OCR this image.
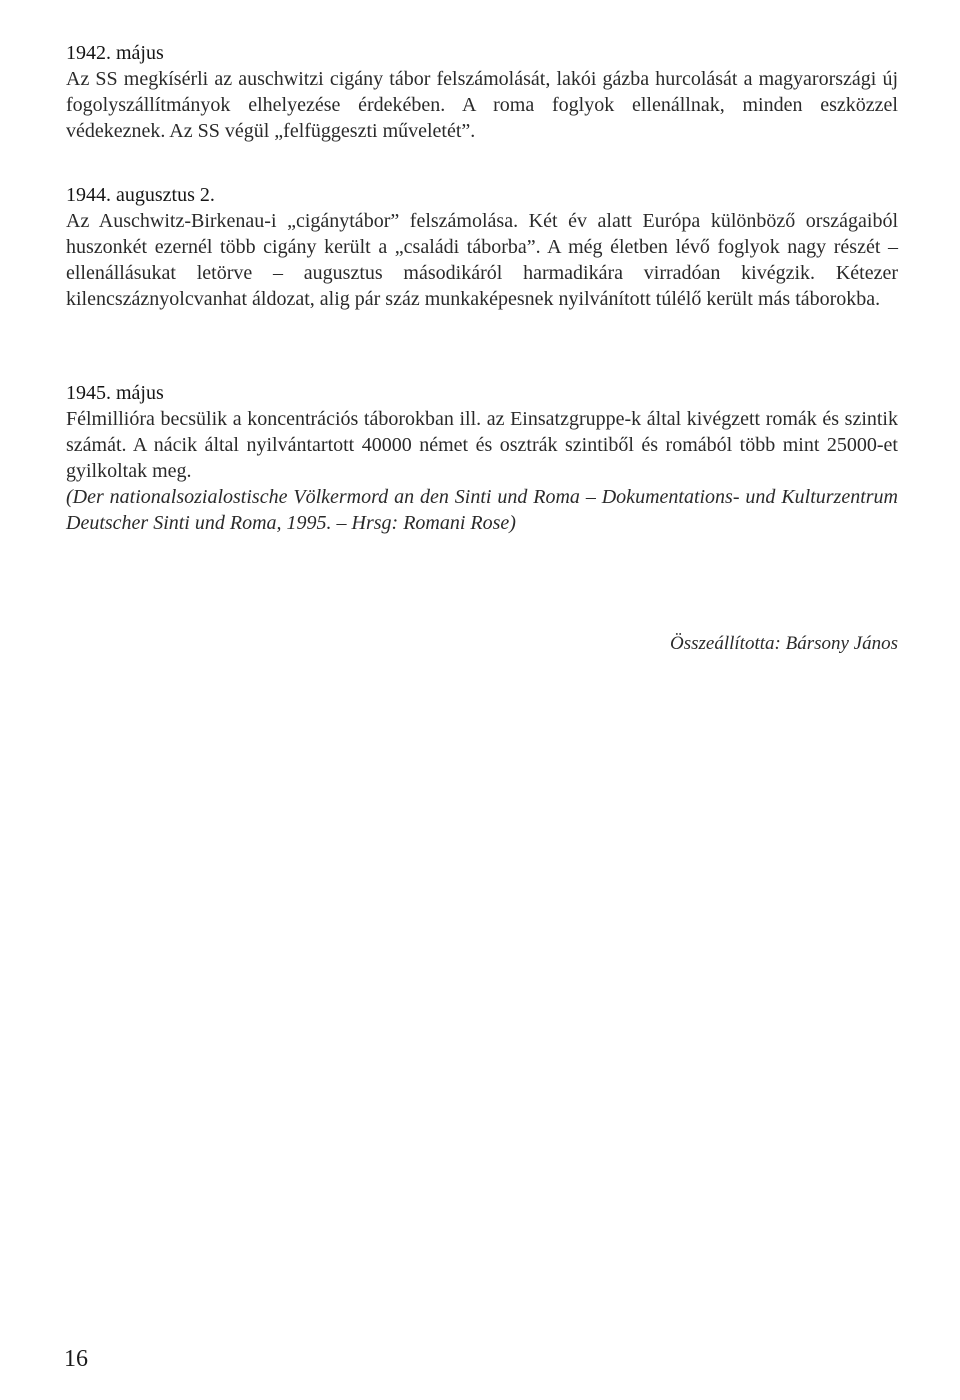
1942. május

Az SS megkísérli az auschwitzi cigány tábor felszámolását, lakói gázba hurcolását a magyarországi új fogolyszállítmányok elhelyezése érdekében. A roma foglyok ellenállnak, minden eszközzel védekeznek. Az SS végül „felfüggeszti műveletét”.

1944. augusztus 2.

Az Auschwitz-Birkenau-i „cigánytábor” felszámolása. Két év alatt Európa különböző országaiból huszonkét ezernél több cigány került a „családi táborba”. A még életben lévő foglyok nagy részét – ellenállásukat letörve – augusztus másodikáról harmadikára virradóan kivégzik. Kétezer kilencszáznyolcvanhat áldozat, alig pár száz munkaképesnek nyilvánított túlélő került más táborokba.

1945. május

Félmillióra becsülik a koncentrációs táborokban ill. az Einsatzgruppe-k által kivégzett romák és szintik számát. A nácik által nyilvántartott 40000 német és osztrák szintiből és romából több mint 25000-et gyilkoltak meg.

(Der nationalsozialostische Völkermord an den Sinti und Roma – Dokumentations- und Kulturzentrum Deutscher Sinti und Roma, 1995. – Hrsg: Romani Rose)

Összeállította: Bársony János
16
